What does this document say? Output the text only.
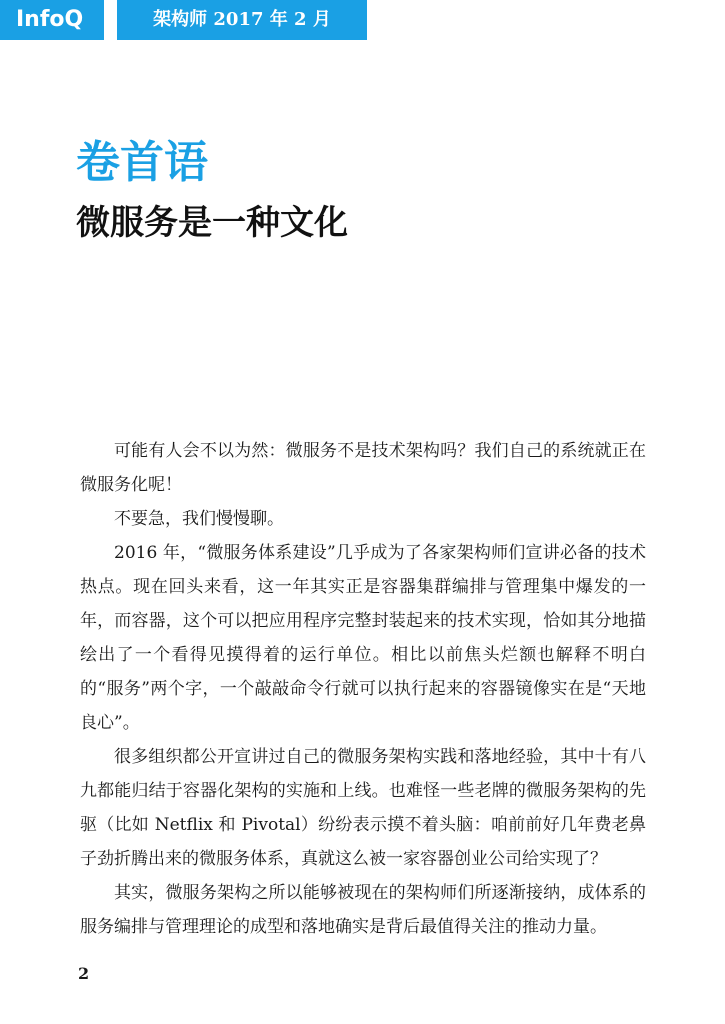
InfoQ	架构师 2017 年 2 月
卷首语
微服务是一种文化

可能有人会不以为然：微服务不是技术架构吗？我们自己的系统就正在微服务化呢！

不要急，我们慢慢聊。

2016 年，“微服务体系建设”几乎成为了各家架构师们宣讲必备的技术热点。现在回头来看，这一年其实正是容器集群编排与管理集中爆发的一年，而容器，这个可以把应用程序完整封装起来的技术实现，恰如其分地描绘出了一个看得见摸得着的运行单位。相比以前焦头烂额也解释不明白的“服务”两个字，一个敲敲命令行就可以执行起来的容器镜像实在是“天地良心”。

很多组织都公开宣讲过自己的微服务架构实践和落地经验，其中十有八九都能归结于容器化架构的实施和上线。也难怪一些老牌的微服务架构的先驱（比如 Netflix 和 Pivotal）纷纷表示摸不着头脑：咱前前好几年费老鼻子劲折腾出来的微服务体系，真就这么被一家容器创业公司给实现了？

其实，微服务架构之所以能够被现在的架构师们所逐渐接纳，成体系的服务编排与管理理论的成型和落地确实是背后最值得关注的推动力量。

2
